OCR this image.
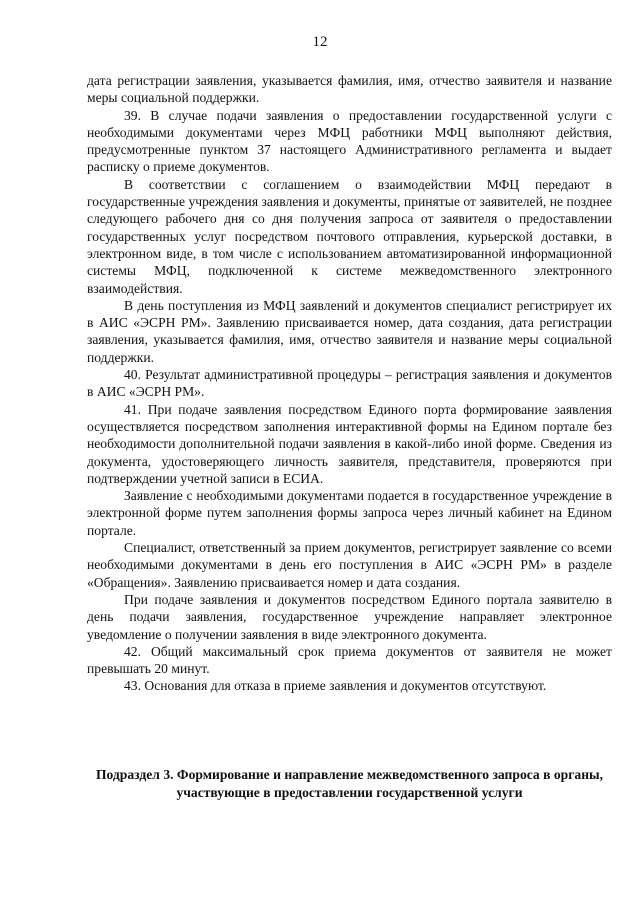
12

дата регистрации заявления, указывается фамилия, имя, отчество заявителя и название меры социальной поддержки.

39. В случае подачи заявления о предоставлении государственной услуги с необходимыми документами через МФЦ работники МФЦ выполняют действия, предусмотренные пунктом 37 настоящего Административного регламента и выдает расписку о приеме документов.

В соответствии с соглашением о взаимодействии МФЦ передают в государственные учреждения заявления и документы, принятые от заявителей, не позднее следующего рабочего дня со дня получения запроса от заявителя о предоставлении государственных услуг посредством почтового отправления, курьерской доставки, в электронном виде, в том числе с использованием автоматизированной информационной системы МФЦ, подключенной к системе межведомственного электронного взаимодействия.

В день поступления из МФЦ заявлений и документов специалист регистрирует их в АИС «ЭСРН РМ». Заявлению присваивается номер, дата создания, дата регистрации заявления, указывается фамилия, имя, отчество заявителя и название меры социальной поддержки.

40. Результат административной процедуры – регистрация заявления и документов в АИС «ЭСРН РМ».

41. При подаче заявления посредством Единого порта формирование заявления осуществляется посредством заполнения интерактивной формы на Едином портале без необходимости дополнительной подачи заявления в какой-либо иной форме. Сведения из документа, удостоверяющего личность заявителя, представителя, проверяются при подтверждении учетной записи в ЕСИА.

Заявление с необходимыми документами подается в государственное учреждение в электронной форме путем заполнения формы запроса через личный кабинет на Едином портале.

Специалист, ответственный за прием документов, регистрирует заявление со всеми необходимыми документами в день его поступления в АИС «ЭСРН РМ» в разделе «Обращения». Заявлению присваивается номер и дата создания.

При подаче заявления и документов посредством Единого портала заявителю в день подачи заявления, государственное учреждение направляет электронное уведомление о получении заявления в виде электронного документа.

42. Общий максимальный срок приема документов от заявителя не может превышать 20 минут.

43. Основания для отказа в приеме заявления и документов отсутствуют.

Подраздел 3. Формирование и направление межведомственного запроса в органы, участвующие в предоставлении государственной услуги
